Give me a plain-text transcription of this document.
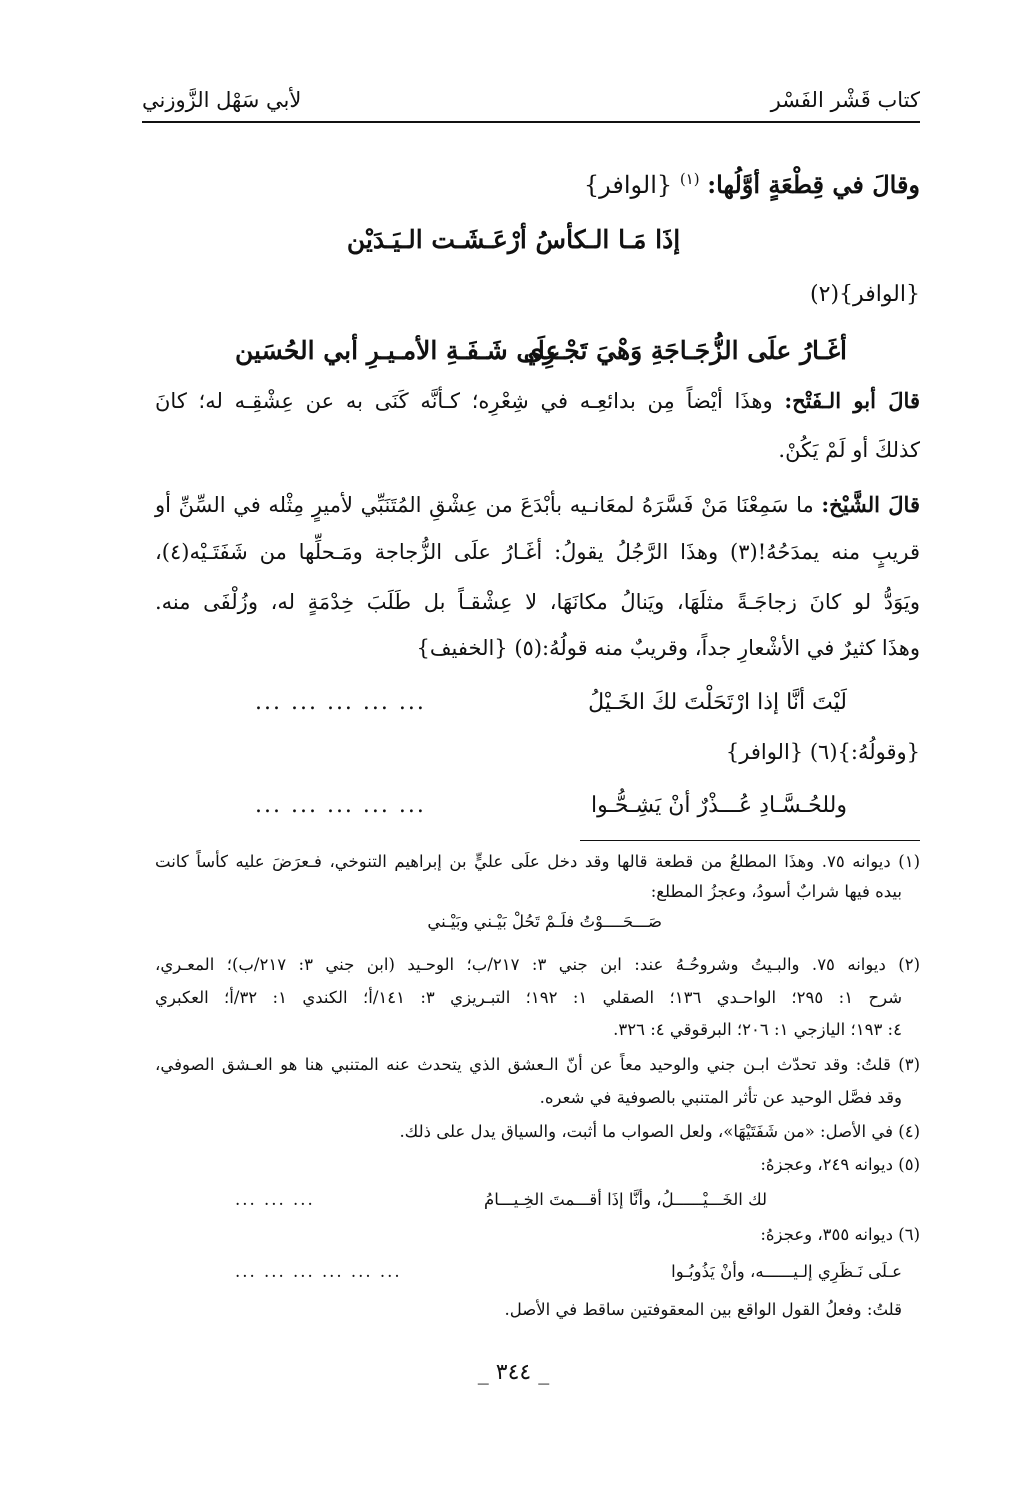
كتاب قَشْر الفَسْر
لأبي سَهْل الزَّوزني
وقالَ في قِطْعَةٍ أوَّلُها: $^{(١)}$ {الوافر}
إذَا مَـا الـكأسُ أرْعَـشَـت الـيَـدَيْن
{الوافر}(٢)
أغَـارُ علَى الزُّجَـاجَةِ وَهْيَ تَجْـرِي
علَى شَـفَـةِ الأمـيـرِ أبي الحُسَين
قالَ أبو الـفَتْح: وهذَا أيْضاً مِن بدائعِـه في شِعْرِه؛ كـأنَّه كَنَى به عن عِشْقِـه له؛ كانَ
كذلكَ أو لَمْ يَكُنْ.
قالَ الشَّيْخ: ما سَمِعْنَا مَنْ فَسَّرَهُ لمعَانـيه بأبْدَعَ من عِشْقِ المُتَنَبِّي لأميرٍ مِثْله في السِّنِّ أو
قريبٍ منه يمدَحُهُ!(٣) وهذَا الرَّجُلُ يقولُ: أغَـارُ علَى الزُّجاجة ومَـحلِّها من شَفَتَـيْه(٤)،
ويَوَدُّ لو كانَ زجاجَـةً مثلَهَا، ويَنالُ مكانَهَا، لا عِشْقـاً بل طَلَبَ خِدْمَةٍ له، وزُلْفَى منه.
وهذَا كثيرٌ في الأشْعارِ جداً، وقريبٌ منه قولُهُ:(٥) {الخفيف}
لَيْتَ أنَّا إذا ارْتَحَلْتَ لكَ الخَـيْلُ
... ... ... ... ...
{وقولُهُ:}(٦) {الوافر}
وللحُـسَّـادِ عُـــذْرٌ أنْ يَشِـحُّـوا
... ... ... ... ...
(١) ديوانه ٧٥. وهذَا المطلعُ من قطعة قالها وقد دخل علَى عليٍّ بن إبراهيم التنوخي، فـعرَضَ عليه كأساً كانت
بيده فيها شرابٌ أسودُ، وعجزُ المطلع:
صَـــحَــــوْتُ فلَـمْ تَحُلْ بَيْـني وبَيْـني
(٢) ديوانه ٧٥. والبـيتُ وشروحُـهُ عند: ابن جني ٣: ٢١٧/ب؛ الوحـيد (ابن جني ٣: ٢١٧/ب)؛ المعـري،
شرح ١: ٢٩٥؛ الواحـدي ١٣٦؛ الصقلي ١: ١٩٢؛ التبـريزي ٣: ١٤١/أ؛ الكندي ١: ٣٢/أ؛ العكبري
٤: ١٩٣؛ اليازجي ١: ٢٠٦؛ البرقوقي ٤: ٣٢٦.
(٣) قلتُ: وقد تحدّث ابـن جني والوحيد معاً عن أنّ الـعشق الذي يتحدث عنه المتنبي هنا هو العـشق الصوفي،
وقد فصَّل الوحيد عن تأثر المتنبي بالصوفية في شعره.
(٤) في الأصل: «من شَفَتَيْهَا»، ولعل الصواب ما أثبت، والسياق يدل على ذلك.
(٥) ديوانه ٢٤٩، وعجزهُ:
لك الخَـــيْــــــلُ، وأنَّا إذَا أقـــمتَ الخِـيـــامُ
... ... ...
(٦) ديوانه ٣٥٥، وعجزهُ:
عـلَى نَـظَرِي إلـيــــــه، وأنْ يَذُوبُـوا
... ... ... ... ... ...
قلتُ: وفعلُ القول الواقع بين المعقوفتين ساقط في الأصل.
_ ٣٤٤ _
